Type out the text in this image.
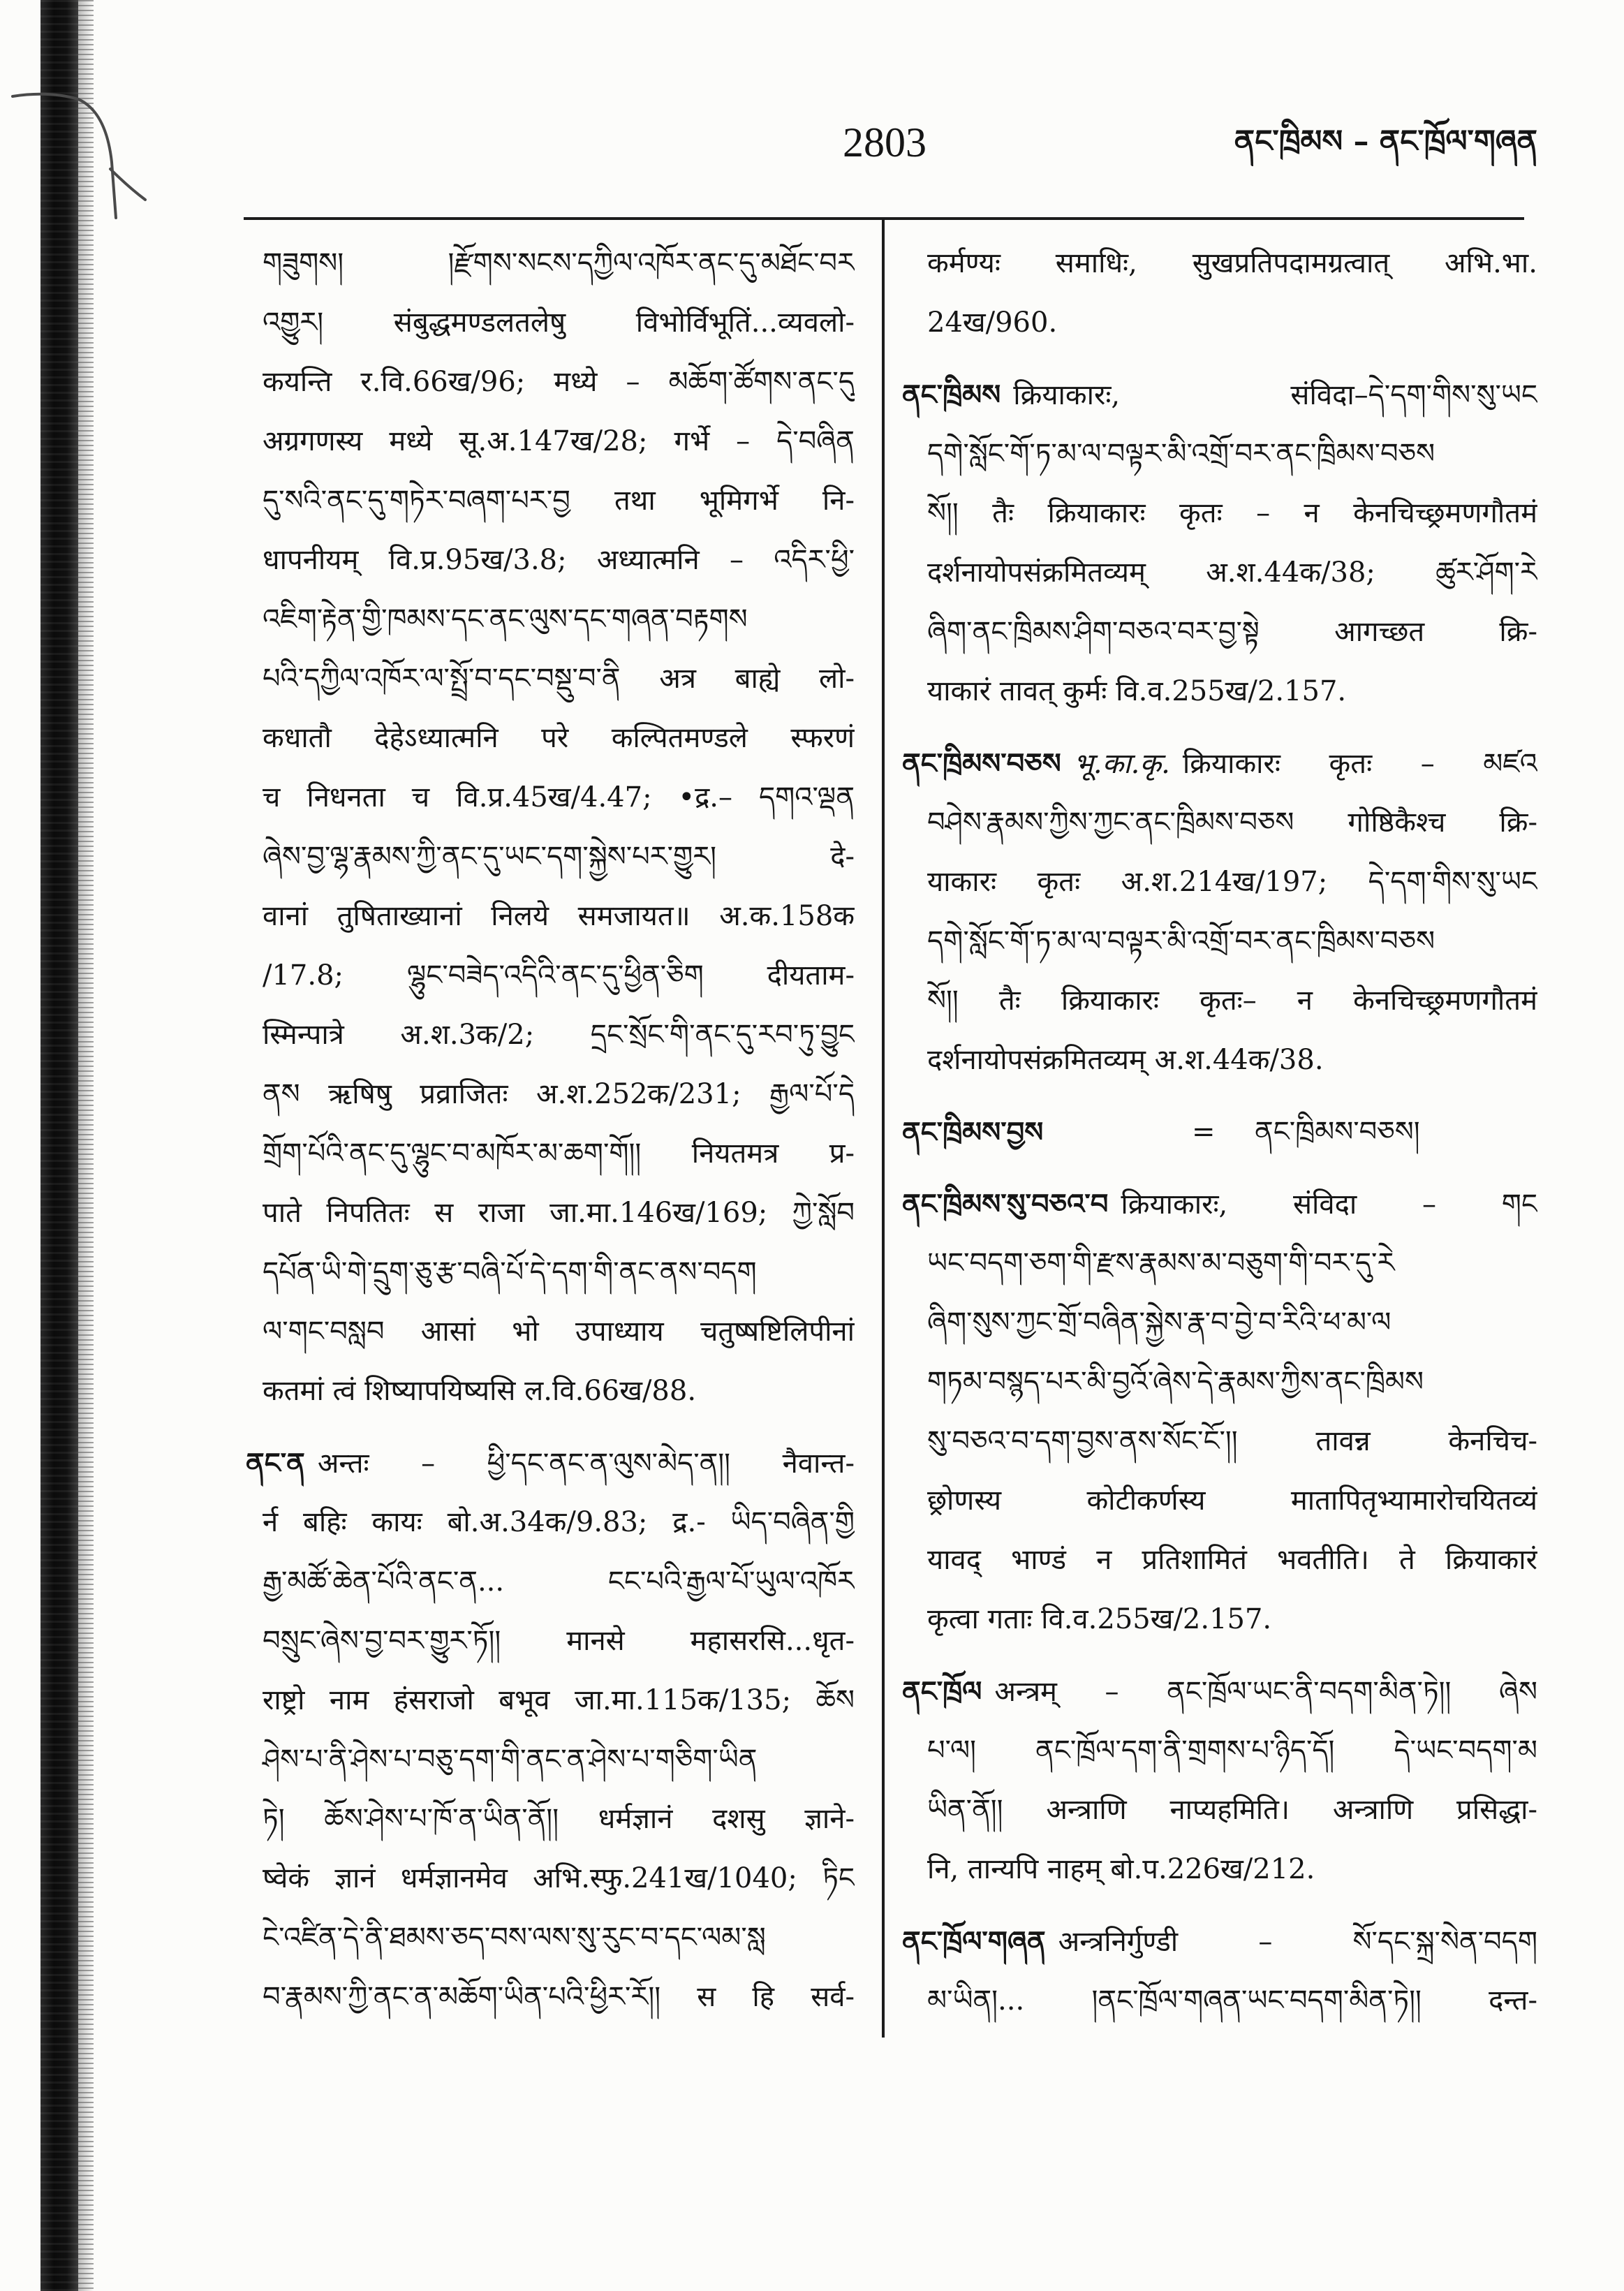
2803	ནང་ཁྲིམས – ནང་ཁྲོལ་གཞན
གཟུགས། །རྫོགས་སངས་དཀྱིལ་འཁོར་ནང་དུ་མཐོང་བར
འགྱུར། संबुद्धमण्डलतलेषु विभोर्विभूतिं...व्यवलो-
कयन्ति र.वि.66ख/96; मध्ये – མཆོག་ཚོགས་ནང་དུ
अग्रगणस्य मध्ये सू.अ.147ख/28; गर्भे – དེ་བཞིན
དུ་སའི་ནང་དུ་གཏེར་བཞག་པར་བྱ तथा भूमिगर्भे नि-
धापनीयम् वि.प्र.95ख/3.8; अध्यात्मनि – འདིར་ཕྱི་
འཇིག་རྟེན་གྱི་ཁམས་དང་ནང་ལུས་དང་གཞན་བརྟགས
པའི་དཀྱིལ་འཁོར་ལ་སྤྲོ་བ་དང་བསྡུ་བ་ནི अत्र बाह्ये लो-
कधातौ देहेऽध्यात्मनि परे कल्पितमण्डले स्फरणं
च निधनता च वि.प्र.45ख/4.47; •द्र.– དགའ་ལྡན
ཞེས་བྱ་ལྷ་རྣམས་ཀྱི་ནང་དུ་ཡང་དག་སྐྱེས་པར་གྱུར། दे-
वानां तुषिताख्यानां निलये समजायत॥ अ.क.158क
/17.8; ལྷུང་བཟེད་འདིའི་ནང་དུ་ཕྱིན་ཅིག दीयताम-
स्मिन्पात्रे अ.श.3क/2; དྲང་སྲོང་གི་ནང་དུ་རབ་ཏུ་བྱུང
ནས ऋषिषु प्रव्राजितः अ.श.252क/231; རྒྱལ་པོ་དེ
གྲོག་པོའི་ནང་དུ་ལྷུང་བ་མཁོར་མ་ཆག་གོ།། नियतमत्र प्र-
पाते निपतितः स राजा जा.मा.146ख/169; ཀྱེ་སློབ
དཔོན་ཡི་གེ་དྲུག་ཅུ་རྩ་བཞི་པོ་དེ་དག་གི་ནང་ནས་བདག
ལ་གང་བསླབ आसां भो उपाध्याय चतुष्षष्टिलिपीनां
कतमां त्वं शिष्यापयिष्यसि ल.वि.66ख/88.
ནང་ན अन्तः – ཕྱི་དང་ནང་ན་ལུས་མེད་ན།། नैवान्त-
र्न बहिः कायः बो.अ.34क/9.83; द्र.- ཡིད་བཞིན་གྱི
རྒྱ་མཚོ་ཆེན་པོའི་ནང་ན... ངང་པའི་རྒྱལ་པོ་ཡུལ་འཁོར
བསྲུང་ཞེས་བྱ་བར་གྱུར་ཏོ།། मानसे महासरसि...धृत-
राष्ट्रो नाम हंसराजो बभूव जा.मा.115क/135; ཆོས
ཤེས་པ་ནི་ཤེས་པ་བཅུ་དག་གི་ནང་ན་ཤེས་པ་གཅིག་ཡིན
ཏེ། ཆོས་ཤེས་པ་ཁོ་ན་ཡིན་ནོ།། धर्मज्ञानं दशसु ज्ञाने-
ष्वेकं ज्ञानं धर्मज्ञानमेव अभि.स्फु.241ख/1040; ཏིང
ངེ་འཛིན་དེ་ནི་ཐམས་ཅད་བས་ལས་སུ་རུང་བ་དང་ལམ་སླ
བ་རྣམས་ཀྱི་ནང་ན་མཆོག་ཡིན་པའི་ཕྱིར་རོ།། स हि सर्व-
कर्मण्यः समाधिः, सुखप्रतिपदामग्रत्वात् अभि.भा.
24ख/960.
ནང་ཁྲིམས क्रियाकारः, संविदा–དེ་དག་གིས་སུ་ཡང
དགེ་སློང་གོ་ཏ་མ་ལ་བལྟར་མི་འགྲོ་བར་ནང་ཁྲིམས་བཅས
སོ།། तैः क्रियाकारः कृतः – न केनचिच्छ्रमणगौतमं
दर्शनायोपसंक्रमितव्यम् अ.श.44क/38; ཚུར་ཤོག་རེ
ཞིག་ནང་ཁྲིམས་ཤིག་བཅའ་བར་བྱ་སྟེ आगच्छत क्रि-
याकारं तावत् कुर्मः वि.व.255ख/2.157.
ནང་ཁྲིམས་བཅས भू.का.कृ. क्रियाकारः कृतः – མཛའ
བཤེས་རྣམས་ཀྱིས་ཀྱང་ནང་ཁྲིམས་བཅས गोष्ठिकैश्च क्रि-
याकारः कृतः अ.श.214ख/197; དེ་དག་གིས་སུ་ཡང
དགེ་སློང་གོ་ཏ་མ་ལ་བལྟར་མི་འགྲོ་བར་ནང་ཁྲིམས་བཅས
སོ།། तैः क्रियाकारः कृतः– न केनचिच्छ्रमणगौतमं
दर्शनायोपसंक्रमितव्यम् अ.श.44क/38.
ནང་ཁྲིམས་བྱས	= ནང་ཁྲིམས་བཅས།
ནང་ཁྲིམས་སུ་བཅའ་བ क्रियाकारः, संविदा – གང
ཡང་བདག་ཅག་གི་རྫས་རྣམས་མ་བཅུག་གི་བར་དུ་རེ
ཞིག་སུས་ཀྱང་གྲོ་བཞིན་སྐྱེས་རྣ་བ་བྱེ་བ་རིའི་ཕ་མ་ལ
གཏམ་བསྙད་པར་མི་བྱའོ་ཞེས་དེ་རྣམས་ཀྱིས་ནང་ཁྲིམས
སུ་བཅའ་བ་དག་བྱས་ནས་སོང་ངོ་།། तावन्न केनचिच-
छ्रोणस्य कोटीकर्णस्य मातापितृभ्यामारोचयितव्यं
यावद् भाण्डं न प्रतिशामितं भवतीति। ते क्रियाकारं
कृत्वा गताः वि.व.255ख/2.157.
ནང་ཁྲོལ अन्त्रम् – ནང་ཁྲོལ་ཡང་ནི་བདག་མིན་ཏེ།། ཞེས
པ་ལ། ནང་ཁྲོལ་དག་ནི་གྲགས་པ་ཉིད་དོ། དེ་ཡང་བདག་མ
ཡིན་ནོ།། अन्त्राणि नाप्यहमिति। अन्त्राणि प्रसिद्धा-
नि, तान्यपि नाहम् बो.प.226ख/212.
ནང་ཁྲོལ་གཞན अन्त्रनिर्गुण्डी – སོ་དང་སྐྲ་སེན་བདག
མ་ཡིན།... །ནང་ཁྲོལ་གཞན་ཡང་བདག་མིན་ཏེ།། दन्त-
